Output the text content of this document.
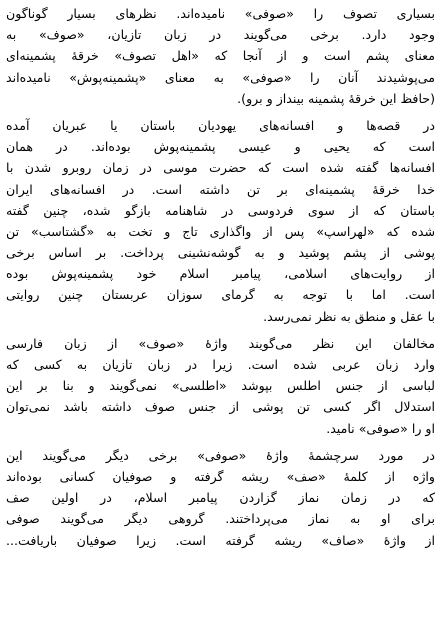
بسیاری تصوف را «صوفی» نامیده‌اند. نظرهای بسیار گوناگون
وجود دارد. برخی می‌گویند در زبان تازیان، «صوف» به
معنای پشم است و از آنجا که «اهل تصوف» خرقهٔ پشمینه‌ای
می‌پوشیدند آنان را «صوفی» به معنای «پشمینه‌پوش» نامیده‌اند
(حافظ این خرقهٔ پشمینه بینداز و برو).
در قصه‌ها و افسانه‌های یهودیان باستان یا عبریان آمده
است که یحیی و عیسی پشمینه‌پوش بوده‌اند. در همان
افسانه‌ها گفته شده است که حضرت موسی در زمان روبرو شدن با
خدا خرقهٔ پشمینه‌ای بر تن داشته است. در افسانه‌های ایران
باستان که از سوی فردوسی در شاهنامه بازگو شده، چنین گفته
شده که «لهراسپ» پس از واگذاری تاج و تخت به «گشتاسب» تن
پوشی از پشم پوشید و به گوشه‌نشینی پرداخت. بر اساس برخی
از روایت‌های اسلامی، پیامبر اسلام خود پشمینه‌پوش بوده
است. اما با توجه به گرمای سوزان عربستان چنین روایتی
با عقل و منطق به نظر نمی‌رسد.
مخالفان این نظر می‌گویند واژهٔ «صوف» از زبان فارسی
وارد زبان عربی شده است. زیرا در زبان تازیان به کسی که
لباسی از جنس اطلس بپوشد «اطلسی» نمی‌گویند و بنا بر این
استدلال اگر کسی تن پوشی از جنس صوف داشته باشد نمی‌توان
او را «صوفی» نامید.
در مورد سرچشمهٔ واژهٔ «صوفی» برخی دیگر می‌گویند این
واژه از کلمهٔ «صف» ریشه گرفته و صوفیان کسانی بوده‌اند
که در زمان نماز گزاردن پیامبر اسلام، در اولین صف
برای او به نماز می‌پرداختند. گروهی دیگر می‌گویند صوفی
از واژهٔ «صاف» ریشه گرفته است. زیرا صوفیان باریافت...
